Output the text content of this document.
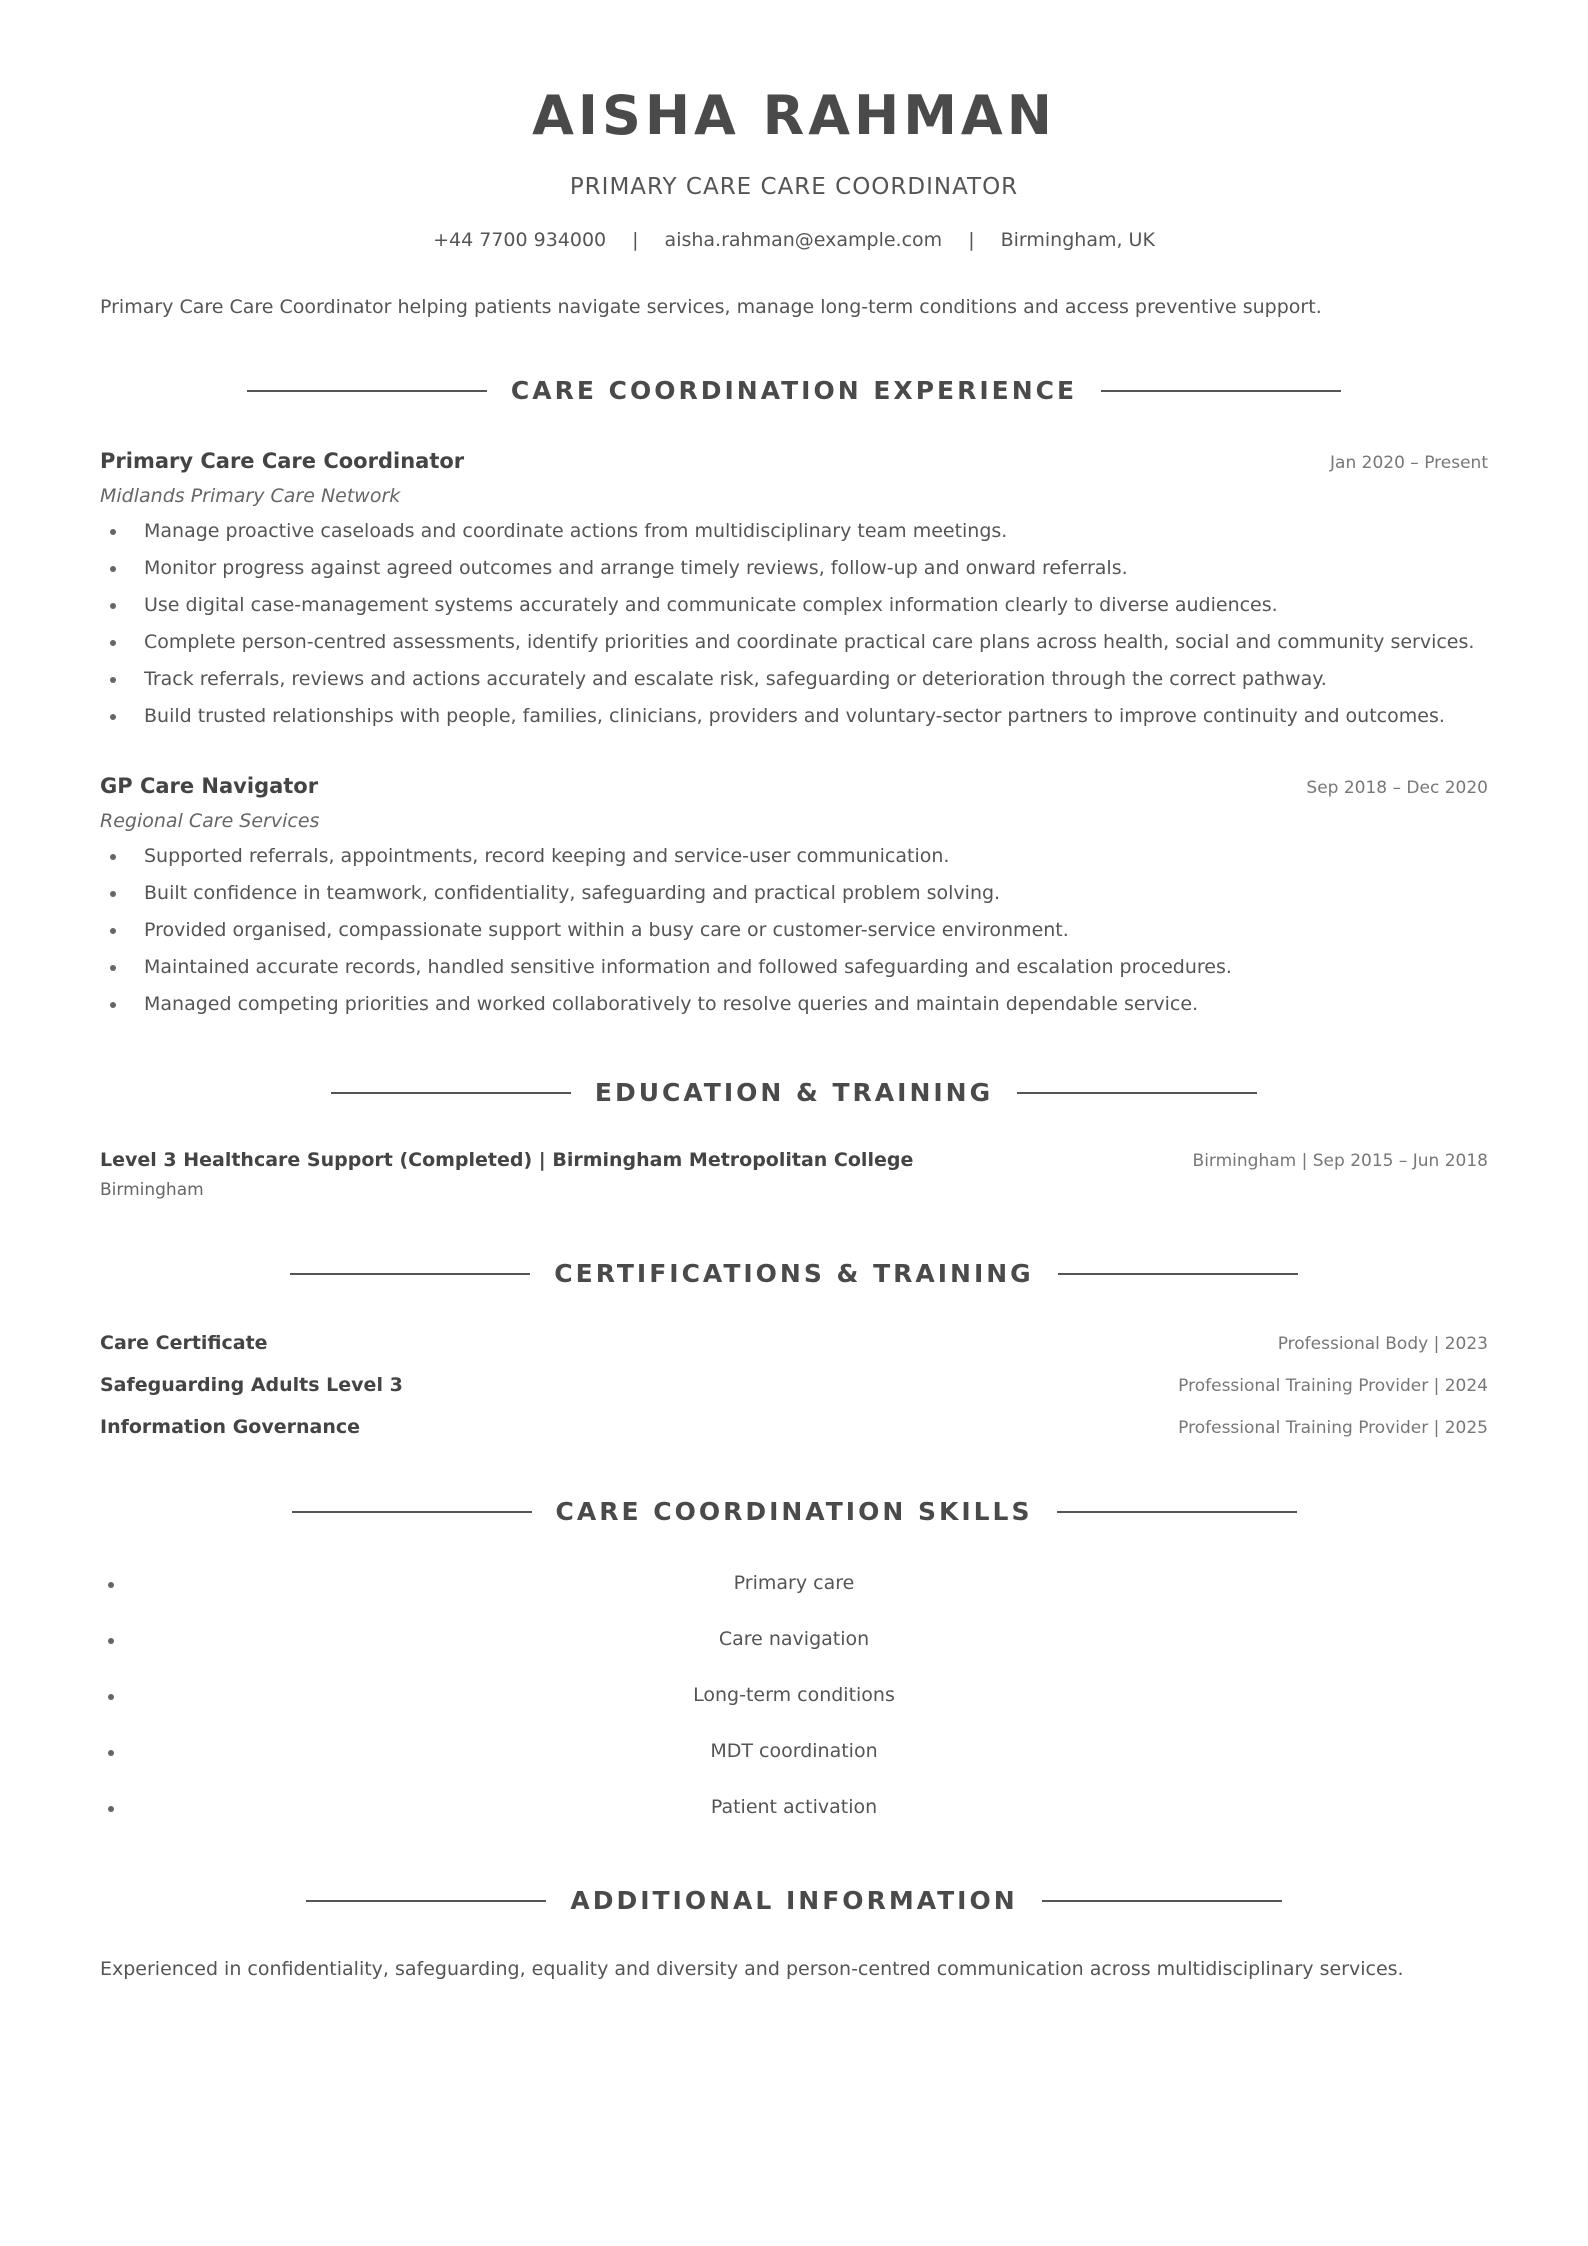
AISHA RAHMAN
PRIMARY CARE CARE COORDINATOR
+44 7700 934000 | aisha.rahman@example.com | Birmingham, UK
Primary Care Care Coordinator helping patients navigate services, manage long-term conditions and access preventive support.
CARE COORDINATION EXPERIENCE
Primary Care Care Coordinator	Jan 2020 – Present
Midlands Primary Care Network
Manage proactive caseloads and coordinate actions from multidisciplinary team meetings.
Monitor progress against agreed outcomes and arrange timely reviews, follow-up and onward referrals.
Use digital case-management systems accurately and communicate complex information clearly to diverse audiences.
Complete person-centred assessments, identify priorities and coordinate practical care plans across health, social and community services.
Track referrals, reviews and actions accurately and escalate risk, safeguarding or deterioration through the correct pathway.
Build trusted relationships with people, families, clinicians, providers and voluntary-sector partners to improve continuity and outcomes.
GP Care Navigator	Sep 2018 – Dec 2020
Regional Care Services
Supported referrals, appointments, record keeping and service-user communication.
Built confidence in teamwork, confidentiality, safeguarding and practical problem solving.
Provided organised, compassionate support within a busy care or customer-service environment.
Maintained accurate records, handled sensitive information and followed safeguarding and escalation procedures.
Managed competing priorities and worked collaboratively to resolve queries and maintain dependable service.
EDUCATION & TRAINING
Level 3 Healthcare Support (Completed) | Birmingham Metropolitan College	Birmingham | Sep 2015 – Jun 2018
Birmingham
CERTIFICATIONS & TRAINING
Care Certificate	Professional Body | 2023
Safeguarding Adults Level 3	Professional Training Provider | 2024
Information Governance	Professional Training Provider | 2025
CARE COORDINATION SKILLS
Primary care
Care navigation
Long-term conditions
MDT coordination
Patient activation
ADDITIONAL INFORMATION
Experienced in confidentiality, safeguarding, equality and diversity and person-centred communication across multidisciplinary services.
